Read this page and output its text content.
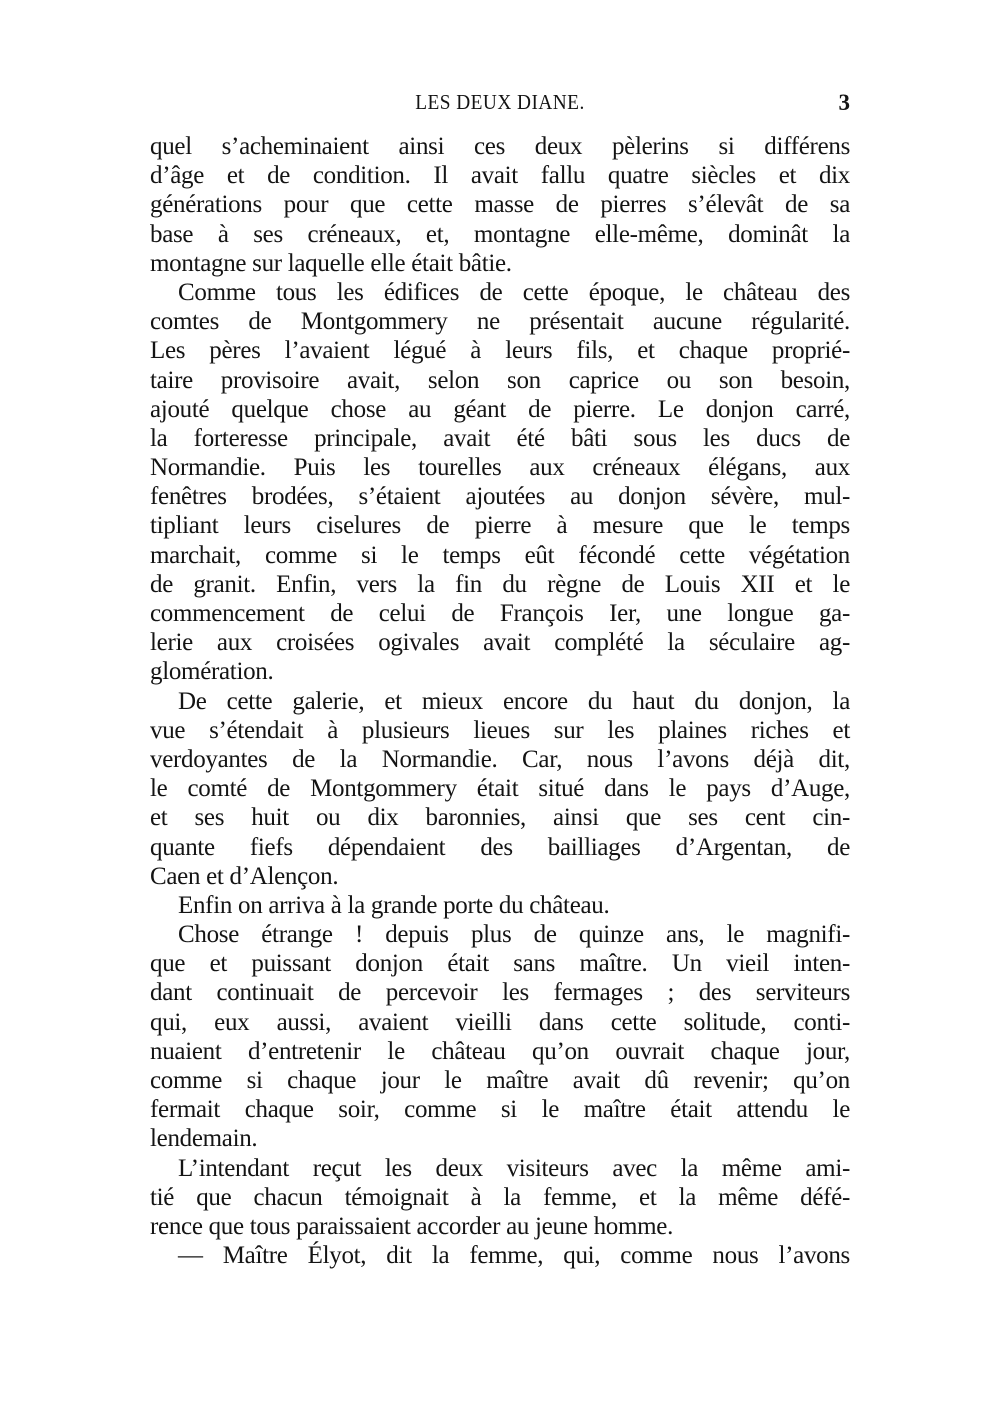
LES DEUX DIANE.	3
quel s’acheminaient ainsi ces deux pèlerins si différens
d’âge et de condition. Il avait fallu quatre siècles et dix
générations pour que cette masse de pierres s’élevât de sa
base à ses créneaux, et, montagne elle-même, dominât la
montagne sur laquelle elle était bâtie.
Comme tous les édifices de cette époque, le château des
comtes de Montgommery ne présentait aucune régularité.
Les pères l’avaient légué à leurs fils, et chaque proprié-
taire provisoire avait, selon son caprice ou son besoin,
ajouté quelque chose au géant de pierre. Le donjon carré,
la forteresse principale, avait été bâti sous les ducs de
Normandie. Puis les tourelles aux créneaux élégans, aux
fenêtres brodées, s’étaient ajoutées au donjon sévère, mul-
tipliant leurs ciselures de pierre à mesure que le temps
marchait, comme si le temps eût fécondé cette végétation
de granit. Enfin, vers la fin du règne de Louis XII et le
commencement de celui de François Ier, une longue ga-
lerie aux croisées ogivales avait complété la séculaire ag-
glomération.
De cette galerie, et mieux encore du haut du donjon, la
vue s’étendait à plusieurs lieues sur les plaines riches et
verdoyantes de la Normandie. Car, nous l’avons déjà dit,
le comté de Montgommery était situé dans le pays d’Auge,
et ses huit ou dix baronnies, ainsi que ses cent cin-
quante fiefs dépendaient des bailliages d’Argentan, de
Caen et d’Alençon.
Enfin on arriva à la grande porte du château.
Chose étrange ! depuis plus de quinze ans, le magnifi-
que et puissant donjon était sans maître. Un vieil inten-
dant continuait de percevoir les fermages ; des serviteurs
qui, eux aussi, avaient vieilli dans cette solitude, conti-
nuaient d’entretenir le château qu’on ouvrait chaque jour,
comme si chaque jour le maître avait dû revenir; qu’on
fermait chaque soir, comme si le maître était attendu le
lendemain.
L’intendant reçut les deux visiteurs avec la même ami-
tié que chacun témoignait à la femme, et la même défé-
rence que tous paraissaient accorder au jeune homme.
— Maître Élyot, dit la femme, qui, comme nous l’avons
